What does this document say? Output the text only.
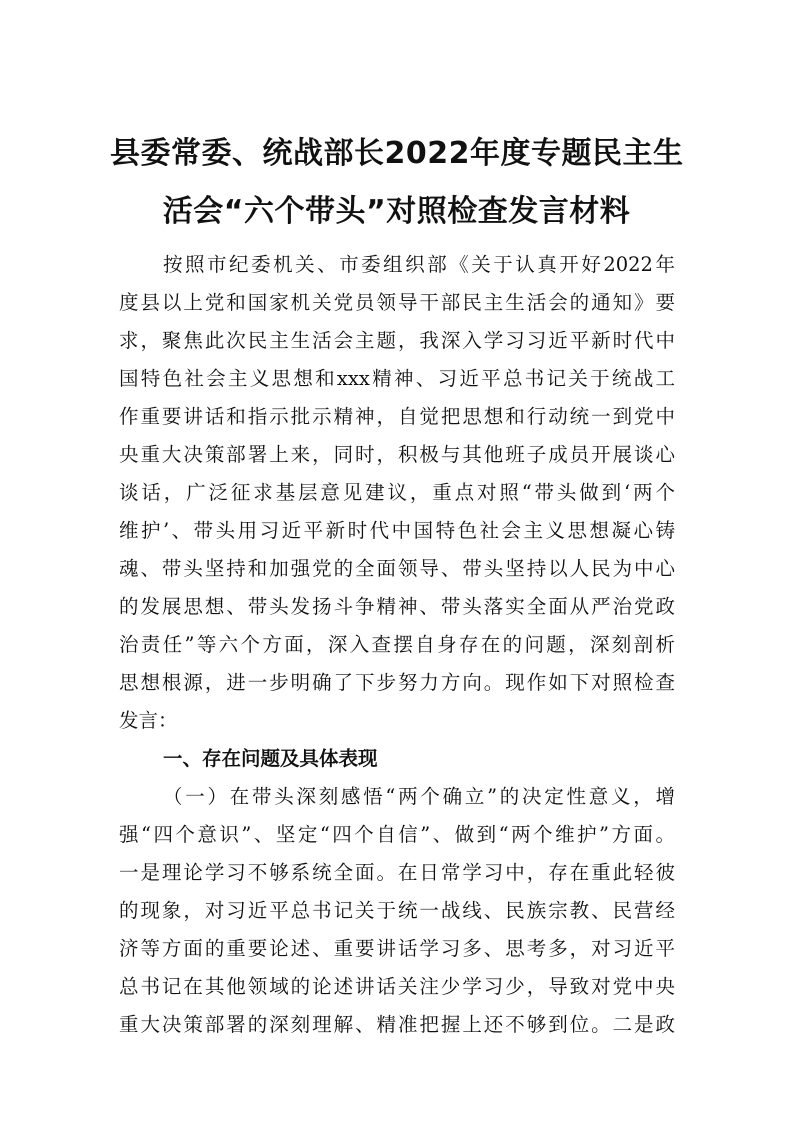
县委常委、统战部长2022年度专题民主生
活会“六个带头”对照检查发言材料
按照市纪委机关、市委组织部《关于认真开好2022年
度县以上党和国家机关党员领导干部民主生活会的通知》要
求，聚焦此次民主生活会主题，我深入学习习近平新时代中
国特色社会主义思想和xxx精神、习近平总书记关于统战工
作重要讲话和指示批示精神，自觉把思想和行动统一到党中
央重大决策部署上来，同时，积极与其他班子成员开展谈心
谈话，广泛征求基层意见建议，重点对照“带头做到‘两个
维护’、带头用习近平新时代中国特色社会主义思想凝心铸
魂、带头坚持和加强党的全面领导、带头坚持以人民为中心
的发展思想、带头发扬斗争精神、带头落实全面从严治党政
治责任”等六个方面，深入查摆自身存在的问题，深刻剖析
思想根源，进一步明确了下步努力方向。现作如下对照检查
发言：
一、存在问题及具体表现
（一）在带头深刻感悟“两个确立”的决定性意义，增
强“四个意识”、坚定“四个自信”、做到“两个维护”方面。
一是理论学习不够系统全面。在日常学习中，存在重此轻彼
的现象，对习近平总书记关于统一战线、民族宗教、民营经
济等方面的重要论述、重要讲话学习多、思考多，对习近平
总书记在其他领域的论述讲话关注少学习少，导致对党中央
重大决策部署的深刻理解、精准把握上还不够到位。二是政
